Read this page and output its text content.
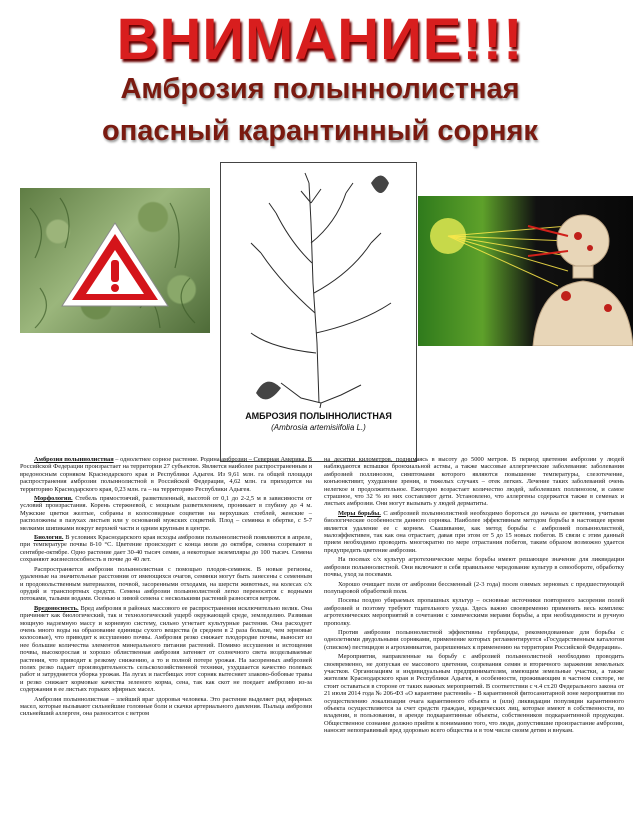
ВНИМАНИЕ!!!
Амброзия полыннолистная
опасный карантинный сорняк
АМБРОЗИЯ ПОЛЫННОЛИСТНАЯ
(Ambrosia artemisiifolia L.)

Амброзия полыннолистная – однолетнее сорное растение. Родина амброзии – Северная Америка. В Российской Федерации произрастает на территории 27 субъектов. Является наиболее распространенным и вредоносным сорняком Краснодарского края и Республики Адыгея. Из 9,61 млн. га общей площади распространения амброзии полыннолистной в Российской Федерации, 4,62 млн. га приходится на территорию Краснодарского края, 0,23 млн. га – на территорию Республики Адыгея.

Морфология. Стебель прямостоячий, разветвленный, высотой от 0,1 до 2-2,5 м в зависимости от условий произрастания. Корень стержневой, с мощным разветвлением, проникает в глубину до 4 м. Мужские цветки желтые, собраны в колосовидные соцветия на верхушках стеблей, женские – расположены в пазухах листьев или у оснований мужских соцветий. Плод – семянка в обертке, с 5-7 мелкими шипиками вокруг верхней части и одним крупным в центре.

Биология. В условиях Краснодарского края всходы амброзии полыннолистной появляются в апреле, при температуре почвы 8-10 °С. Цветение происходит с конца июля до октября, семена созревают в сентябре-октябре. Одно растение дает 30-40 тысяч семян, а некоторые экземпляры до 100 тысяч. Семена сохраняют жизнеспособность в почве до 40 лет.

Распространяется амброзия полыннолистная с помощью плодов-семянок. В новые регионы, удаленные на значительные расстояния от имеющихся очагов, семянки могут быть занесены с семенным и продовольственным материалом, почвой, засоренными отходами, на шерсти животных, на колесах с/х орудий и транспортных средств. Семена амброзии полыннолистной легко переносятся с водными потоками, талыми водами. Осенью и зимой семена с несколькими растений разносятся ветром.

Вредоносность. Вред амброзия в районах массового ее распространения исключительно велик. Она причиняет как биологический, так и технологический ущерб окружающей среде, земледелию. Развивая мощную надземную массу и корневую систему, сильно угнетает культурные растения. Она расходует очень много воды на образование единицы сухого вещества (в среднем в 2 раза больше, чем зерновые колосовые), что приводит к иссушению почвы. Амброзия резко снижает плодородие почвы, выносит из нее большие количества элементов минерального питания растений. Помимо иссушения и истощения почвы, высокорослая и хорошо облиственная амброзия затеняет от солнечного света возделываемые растения, что приводит к резкому снижению, а то и полной потере урожая. На засоренных амброзией полях резко падает производительность сельскохозяйственной техники, ухудшается качество полевых работ и затрудняется уборка урожая. На лугах и пастбищах этот сорняк вытесняет злаково-бобовые травы и резко снижает кормовые качества зеленого корма, сена, так как скот не поедает амброзию из-за содержания в ее листьях горьких эфирных масел.

Амброзия полыннолистная – злейший враг здоровья человека. Это растение выделяет ряд эфирных масел, которые вызывают сильнейшие головные боли и скачки артериального давления. Пыльца амброзии сильнейший аллерген, она разносится с ветром

на десятки километров, поднимаясь в высоту до 5000 метров. В период цветения амброзии у людей наблюдаются вспышки бронхиальной астмы, а также массовые аллергические заболевания: заболевания амброзией поллинозом, симптомами которого являются повышение температуры, слезотечение, конъюнктивит, ухудшение зрения, в тяжелых случаях – отек легких. Лечение таких заболеваний очень нелегкое и продолжительное. Ежегодно возрастает количество людей, заболевших поллинозом, и самое страшное, что 32 % из них составляют дети. Установлено, что аллергены содержатся также в семенах и листьях амброзии. Они могут вызывать у людей дерматиты.

Меры борьбы. С амброзией полыннолистной необходимо бороться до начала ее цветения, учитывая биологические особенности данного сорняка. Наиболее эффективным методом борьбы в настоящее время является удаление ее с корнем. Скашивание, как метод борьбы с амброзией полыннолистной, малоэффективен, так как она отрастает, давая при этом от 5 до 15 новых побегов. В связи с этим данный прием необходимо проводить многократно по мере отрастания побегов, таким образом возможно удается предупредить цветение амброзии.

На посевах с/х культур агротехнические меры борьбы имеют решающее значение для ликвидации амброзии полыннолистной. Они включают в себя правильное чередование культур в севообороте, обработку почвы, уход за посевами.

Хорошо очищает поля от амброзии бессменный (2-3 года) посев озимых зерновых с предшествующей полупаровой обработкой поля.

Посевы позднo убираемых пропашных культур – основные источники повторного засорения полей амброзией и поэтому требуют тщательного ухода. Здесь важно своевременно применять весь комплекс агротехнических мероприятий в сочетании с химическими мерами борьбы, а при необходимости и ручную прополку.

Против амброзии полыннолистной эффективны гербициды, рекомендованные для борьбы с однолетними двудольными сорняками, применение которых регламентируется «Государственным каталогом (списком) пестицидов и агрохимикатов, разрешенных к применению на территории Российской Федерации».

Мероприятия, направленные на борьбу с амброзией полыннолистной необходимо проводить своевременно, не допуская ее массового цветения, созревания семян и вторичного заражения земельных участков. Организациям и индивидуальным предпринимателям, имеющим земельные участки, а также жителям Краснодарского края и Республики Адыгея, в особенности, проживающим в частном секторе, не стоит оставаться в стороне от таких важных мероприятий. В соответствии с ч.4 ст.20 Федерального закона от 21 июля 2014 года № 206-ФЗ «О карантине растений» - В карантинной фитосанитарной зоне мероприятия по осуществлению локализации очага карантинного объекта и (или) ликвидации популяции карантинного объекта осуществляются за счет средств граждан, юридических лиц, которые имеют в собственности, во владении, в пользовании, в аренде подкарантинные объекты, собственников подкарантинной продукции. Общественное сознание должно прийти к пониманию того, что люди, допустившие произрастание амброзии, наносят непоправимый вред здоровью всего общества и в том числе своим детям и внукам.
